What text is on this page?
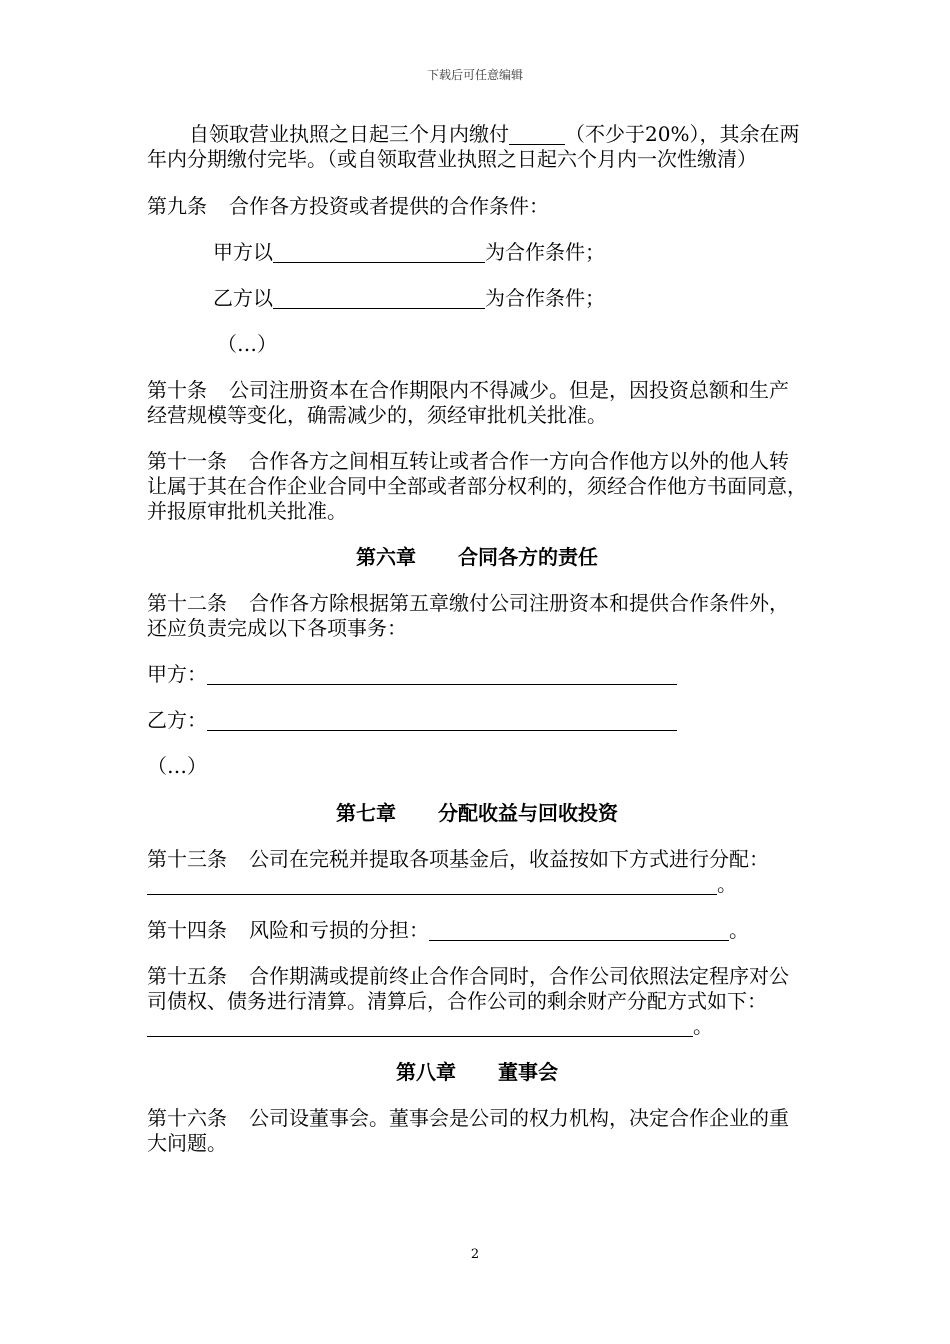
下载后可任意编辑

自领取营业执照之日起三个月内缴付	（不少于20%），其余在两年内分期缴付完毕。（或自领取营业执照之日起六个月内一次性缴清）

第九条 合作各方投资或者提供的合作条件：

甲方以	为合作条件；

乙方以	为合作条件；

（…）

第十条 公司注册资本在合作期限内不得减少。但是，因投资总额和生产经营规模等变化，确需减少的，须经审批机关批准。

第十一条 合作各方之间相互转让或者合作一方向合作他方以外的他人转让属于其在合作企业合同中全部或者部分权利的，须经合作他方书面同意，并报原审批机关批准。

第六章 合同各方的责任

第十二条 合作各方除根据第五章缴付公司注册资本和提供合作条件外，还应负责完成以下各项事务：

甲方：

乙方：

（…）

第七章 分配收益与回收投资

第十三条 公司在完税并提取各项基金后，收益按如下方式进行分配：。

第十四条 风险和亏损的分担：	。

第十五条 合作期满或提前终止合作合同时，合作公司依照法定程序对公司债权、债务进行清算。清算后，合作公司的剩余财产分配方式如下：。

第八章 董事会

第十六条 公司设董事会。董事会是公司的权力机构，决定合作企业的重大问题。

2
